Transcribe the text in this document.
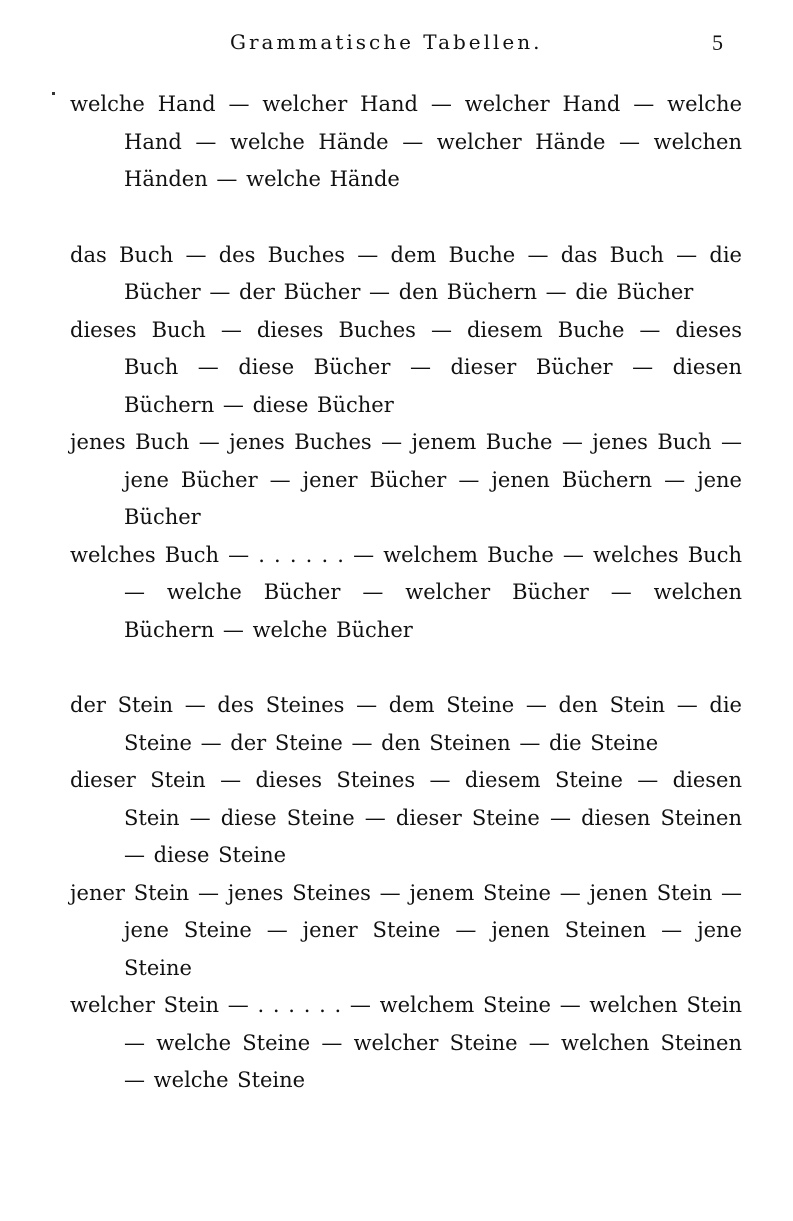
Grammatische Tabellen.	5
welche Hand — welcher Hand — welcher Hand — welche Hand — welche Hände — welcher Hände — welchen Händen — welche Hände
das Buch — des Buches — dem Buche — das Buch — die Bücher — der Bücher — den Büchern — die Bücher
dieses Buch — dieses Buches — diesem Buche — dieses Buch — diese Bücher — dieser Bücher — diesen Büchern — diese Bücher
jenes Buch — jenes Buches — jenem Buche — jenes Buch — jene Bücher — jener Bücher — jenen Büchern — jene Bücher
welches Buch — . . . . . . — welchem Buche — welches Buch — welche Bücher — welcher Bücher — welchen Büchern — welche Bücher
der Stein — des Steines — dem Steine — den Stein — die Steine — der Steine — den Steinen — die Steine
dieser Stein — dieses Steines — diesem Steine — diesen Stein — diese Steine — dieser Steine — diesen Steinen — diese Steine
jener Stein — jenes Steines — jenem Steine — jenen Stein — jene Steine — jener Steine — jenen Steinen — jene Steine
welcher Stein — . . . . . . — welchem Steine — welchen Stein — welche Steine — welcher Steine — welchen Steinen — welche Steine
